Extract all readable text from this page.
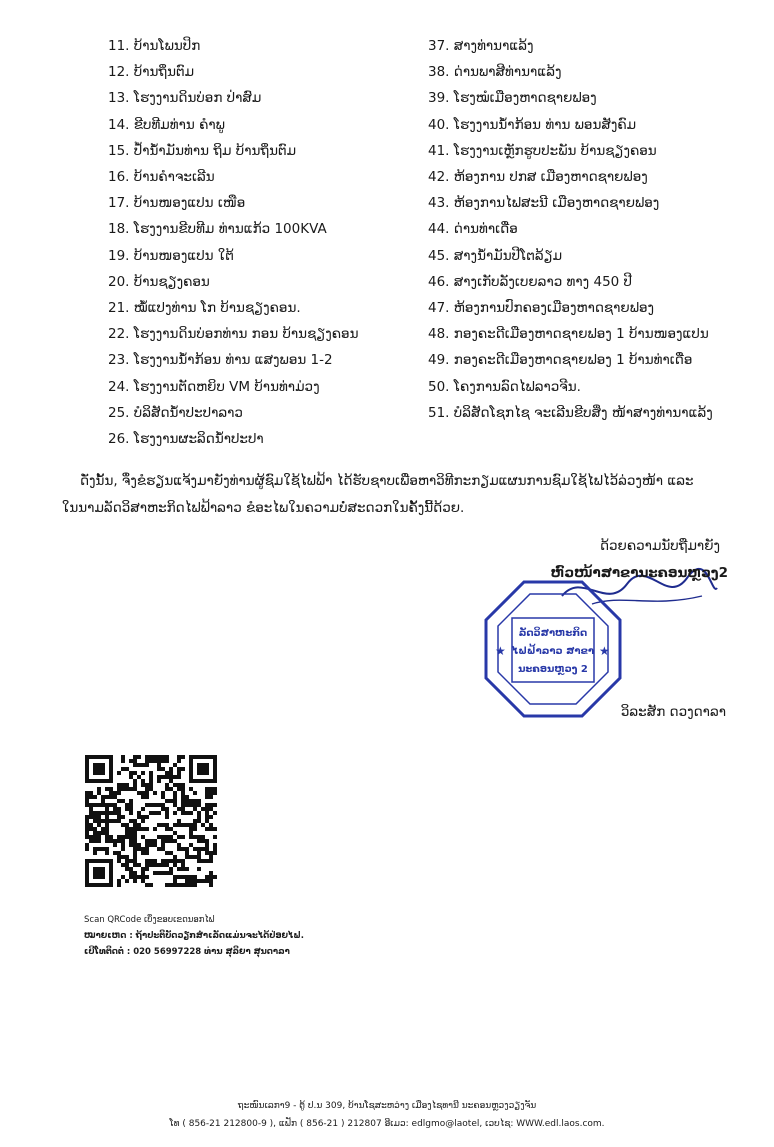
11. ບ້ານໂພນປິກ
12. ບ້ານຖິ່ນຕົມ
13. ໂຮງງານດິນບ່ອກ ປ່າສົມ
14. ຂີບທີມທ່ານ ຄຳພູ
15. ປໍ້ານໍ້າມັນທ່ານ ຖິມ ບ້ານຖິ່ນຕົມ
16. ບ້ານຄໍາຈະເລີນ
17. ບ້ານໜອງແປນ ເໜືອ
18. ໂຮງງານຂີບທີມ ທ່ານແກ້ວ 100KVA
19. ບ້ານໜອງແປນ ໃຕ້
20. ບ້ານຊຽງຄອນ
21. ໝໍ້ແປງທ່ານ ໂກ ບ້ານຊຽງຄອນ.
22. ໂຮງງານດິນບ່ອກທ່ານ ກອນ ບ້ານຊຽງຄອນ
23. ໂຮງງານນໍ້າກ້ອນ ທ່ານ ແສງພອນ 1-2
24. ໂຮງງານຕັດຫຍິບ VM ບ້ານທ່າມ່ວງ
25. ບໍລິສັດນໍ້າປະປາລາວ
26. ໂຮງງານຜະລິດນໍ້າປະປາ
37. ສາງທ່ານາແລ້ງ
38. ດ່ານພາສີທ່ານາແລ້ງ
39. ໂຮງໝໍເມືອງຫາດຊາຍຟອງ
40. ໂຮງງານນໍ້າກ້ອນ ທ່ານ ພອນສັງຄົມ
41. ໂຮງງານເຫຼັກຮູບປະພັນ ບ້ານຊຽງຄອນ
42. ຫ້ອງການ ປກສ ເມືອງຫາດຊາຍຟອງ
43. ຫ້ອງການໄຟສະນີ ເມືອງຫາດຊາຍຟອງ
44. ດ່ານທ່າເດື່ອ
45. ສາງນໍ້າມັນປີໂຕລ້ຽມ
46. ສາງເກັບລັງເບຍລາວ ທາງ 450 ປີ
47. ຫ້ອງການປົກຄອງເມືອງຫາດຊາຍຟອງ
48. ກອງຄະດີເມືອງຫາດຊາຍຟອງ 1 ບ້ານໜອງແປນ
49. ກອງຄະດີເມືອງຫາດຊາຍຟອງ 1 ບ້ານທ່າເດື່ອ
50. ໂຄງການລົດໄຟລາວຈີນ.
51. ບໍລິສັດໂຊກໄຊ ຈະເລີນຂີບສິ່ງ ໜ້າສາງທ່ານາແລ້ງ

ດັ່ງນັ້ນ, ຈຶ່ງຂໍຮຽນແຈ້ງມາຍັງທ່ານຜູ້ຊົມໃຊ້ໄຟຟ້າ ໄດ້ຮັບຊາບເພື່ອຫາວິທີກະກຽມແຜນການຊົມໃຊ້ໄຟໄວ້ລ່ວງໜ້າ ແລະ ໃນນາມລັດວິສາຫະກິດໄຟຟ້າລາວ ຂໍອະໄພໃນຄວາມບໍ່ສະດວກໃນຄັ້ງນີ້ດ້ວຍ.

ດ້ວຍຄວາມນັບຖືມາຍັງ
ຫົວໜ້າສາຂານະຄອນຫຼວງ2
ລັດວິສາຫະກິດ
ໄຟຟ້າລາວ ສາຂາ
ນະຄອນຫຼວງ 2
★	★
ວິລະສັກ ດວງດາລາ
Scan QRCode ເບິ່ງຂອບເຂດນອກໄຟ
ໝາຍເຫດ : ຖ້າປະຕິບັດວຽກສຳເລັດແມ່ນຈະໄດ້ປ່ອຍໄຟ.
ເບີໂທຕິດຕໍ່ : 020 56997228 ທ່ານ ສຸລິຍາ ສຸນດາລາ
ຖະໜົນເລກາ9 - ຕູ້ ປ.ນ 309, ບ້ານໂຊສະຫວ່າງ ເມືອງໄຊທານີ ນະຄອນຫຼວງວຽງຈັນ
ໂທ ( 856-21 212800-9 ), ແຟັກ ( 856-21 ) 212807 ອີເມວ: edlgmo@laotel, ເວບໄຊ: WWW.edl.laos.com.
